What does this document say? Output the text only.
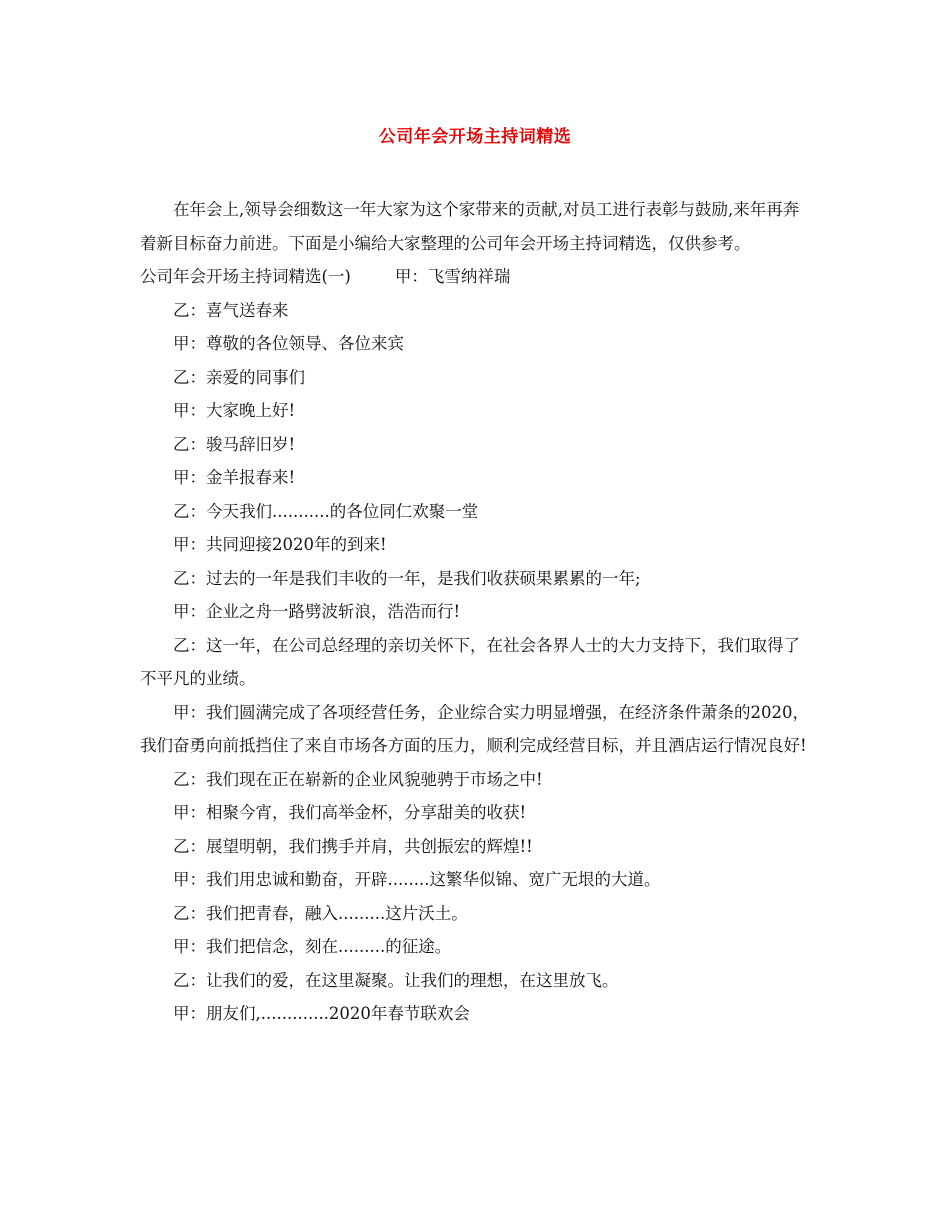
公司年会开场主持词精选

在年会上,领导会细数这一年大家为这个家带来的贡献,对员工进行表彰与鼓励,来年再奔着新目标奋力前进。下面是小编给大家整理的公司年会开场主持词精选，仅供参考。

公司年会开场主持词精选(一)	甲：飞雪纳祥瑞

乙：喜气送春来

甲：尊敬的各位领导、各位来宾

乙：亲爱的同事们

甲：大家晚上好!

乙：骏马辞旧岁!

甲：金羊报春来!

乙：今天我们...........的各位同仁欢聚一堂

甲：共同迎接2020年的到来!

乙：过去的一年是我们丰收的一年，是我们收获硕果累累的一年;

甲：企业之舟一路劈波斩浪，浩浩而行!

乙：这一年，在公司总经理的亲切关怀下，在社会各界人士的大力支持下，我们取得了不平凡的业绩。

甲：我们圆满完成了各项经营任务，企业综合实力明显增强，在经济条件萧条的2020，我们奋勇向前抵挡住了来自市场各方面的压力，顺利完成经营目标，并且酒店运行情况良好!

乙：我们现在正在崭新的企业风貌驰骋于市场之中!

甲：相聚今宵，我们高举金杯，分享甜美的收获!

乙：展望明朝，我们携手并肩，共创振宏的辉煌!!

甲：我们用忠诚和勤奋，开辟........这繁华似锦、宽广无垠的大道。

乙：我们把青春，融入.........这片沃土。

甲：我们把信念，刻在.........的征途。

乙：让我们的爱，在这里凝聚。让我们的理想，在这里放飞。

甲：朋友们,.............2020年春节联欢会
